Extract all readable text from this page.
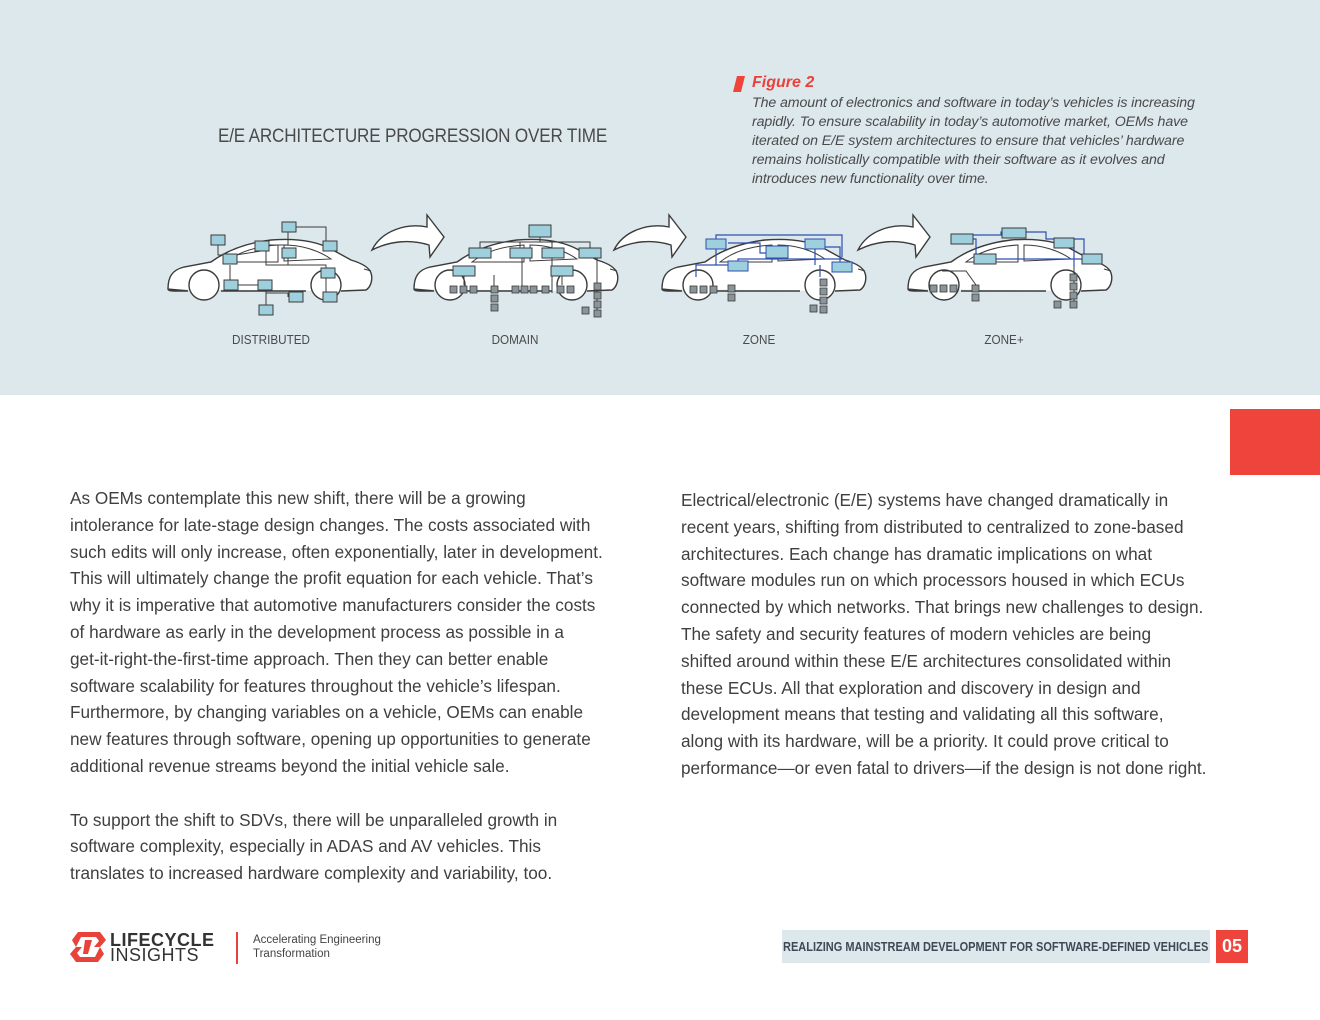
E/E ARCHITECTURE PROGRESSION OVER TIME
Figure 2
The amount of electronics and software in today’s vehicles is increasing
rapidly. To ensure scalability in today’s automotive market, OEMs have
iterated on E/E system architectures to ensure that vehicles’ hardware
remains holistically compatible with their software as it evolves and
introduces new functionality over time.
DISTRIBUTED	DOMAIN	ZONE	ZONE+

As OEMs contemplate this new shift, there will be a growing
intolerance for late-stage design changes. The costs associated with
such edits will only increase, often exponentially, later in development.
This will ultimately change the profit equation for each vehicle. That’s
why it is imperative that automotive manufacturers consider the costs
of hardware as early in the development process as possible in a
get-it-right-the-first-time approach. Then they can better enable
software scalability for features throughout the vehicle’s lifespan.
Furthermore, by changing variables on a vehicle, OEMs can enable
new features through software, opening up opportunities to generate
additional revenue streams beyond the initial vehicle sale.

To support the shift to SDVs, there will be unparalleled growth in
software complexity, especially in ADAS and AV vehicles. This
translates to increased hardware complexity and variability, too.

Electrical/electronic (E/E) systems have changed dramatically in
recent years, shifting from distributed to centralized to zone-based
architectures. Each change has dramatic implications on what
software modules run on which processors housed in which ECUs
connected by which networks. That brings new challenges to design.
The safety and security features of modern vehicles are being
shifted around within these E/E architectures consolidated within
these ECUs. All that exploration and discovery in design and
development means that testing and validating all this software,
along with its hardware, will be a priority. It could prove critical to
performance—or even fatal to drivers—if the design is not done right.

LIFECYCLE
INSIGHTS
Accelerating Engineering
Transformation
REALIZING MAINSTREAM DEVELOPMENT FOR SOFTWARE-DEFINED VEHICLES 05
